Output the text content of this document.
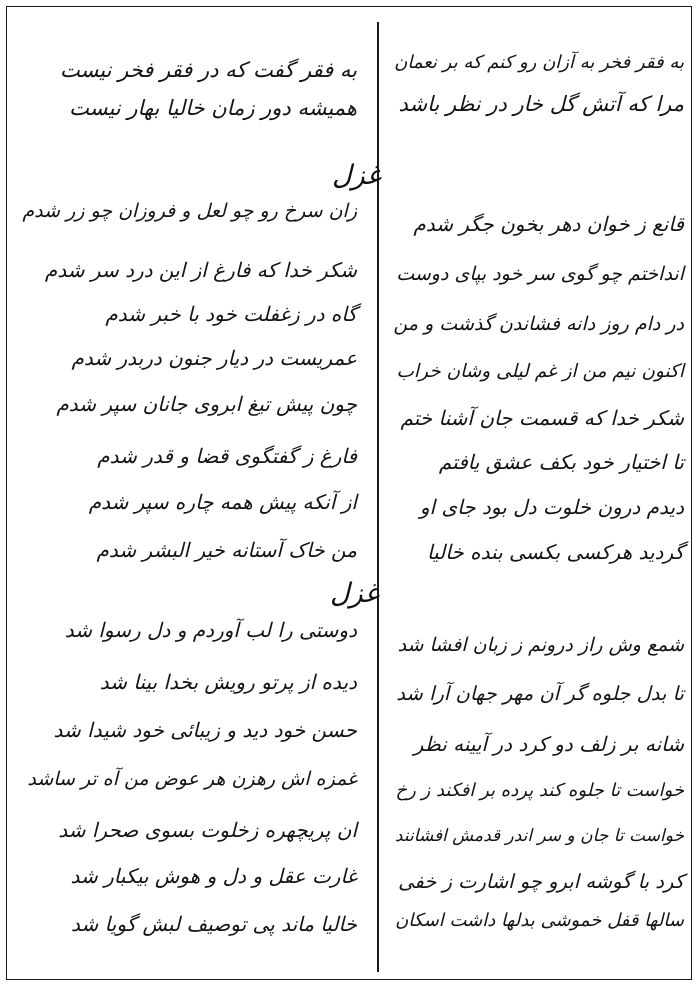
به فقر فخر به آزان رو کنم که بر نعمان
مرا که آتش گل خار در نظر باشد
قانع ز خوان دهر بخون جگر شدم
انداختم چو گوی سر خود بپای دوست
در دام روز دانه فشاندن گذشت و من
اکنون نیم من از غم لیلی وشان خراب
شکر خدا که قسمت جان آشنا ختم
تا اختیار خود بکف عشق یافتم
دیدم درون خلوت دل بود جای او
گردید هرکسی بکسی بنده خالیا
شمع وش راز درونم ز زبان افشا شد
تا بدل جلوه گر آن مهر جهان آرا شد
شانه بر زلف دو کرد در آیینه نظر
خواست تا جلوه کند پرده بر افکند ز رخ
خواست تا جان و سر اندر قدمش افشانند
کرد با گوشه ابرو چو اشارت ز خفی
سالها قفل خموشی بدلها داشت اسکان
به فقر گفت که در فقر فخر نیست
همیشه دور زمان خالیا بهار نیست
زان سرخ رو چو لعل و فروزان چو زر شدم
شکر خدا که فارغ از این درد سر شدم
گاه در زغفلت خود با خبر شدم
عمریست در دیار جنون دربدر شدم
چون پیش تیغ ابروی جانان سپر شدم
فارغ ز گفتگوی قضا و قدر شدم
از آنکه پیش همه چاره سپر شدم
من خاک آستانه خیر البشر شدم
دوستی را لب آوردم و دل رسوا شد
دیده از پرتو رویش بخدا بینا شد
حسن خود دید و زیبائی خود شیدا شد
غمزه اش رهزن هر عوض من آه تر ساشد
ان پریچهره زخلوت بسوی صحرا شد
غارت عقل و دل و هوش بیکبار شد
خالیا ماند پی توصیف لبش گویا شد
غزل
غزل
